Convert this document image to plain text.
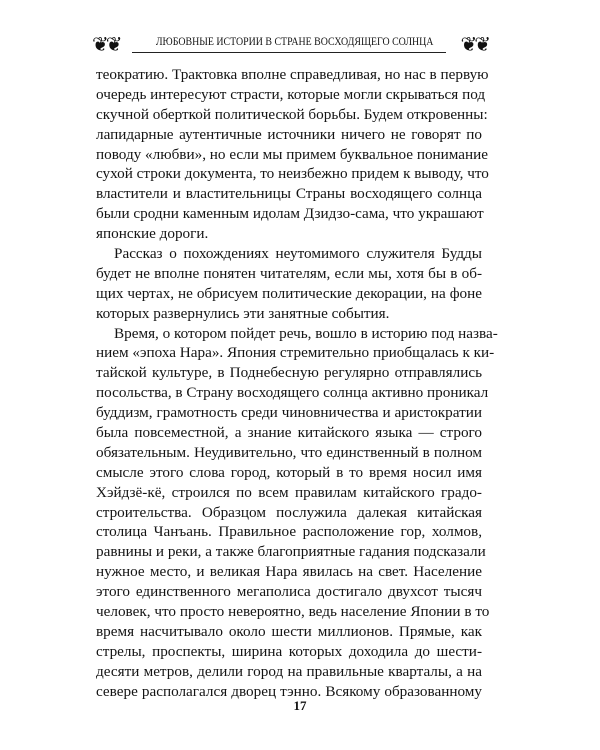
❦❦	ЛЮБОВНЫЕ ИСТОРИИ В СТРАНЕ ВОСХОДЯЩЕГО СОЛНЦА ❦❦
теократию. Трактовка вполне справедливая, но нас в первую
очередь интересуют страсти, которые могли скрываться под
скучной оберткой политической борьбы. Будем откровенны:
лапидарные аутентичные источники ничего не говорят по
поводу «любви», но если мы примем буквальное понимание
сухой строки документа, то неизбежно придем к выводу, что
властители и властительницы Страны восходящего солнца
были сродни каменным идолам Дзидзо-сама, что украшают
японские дороги.
Рассказ о похождениях неутомимого служителя Будды
будет не вполне понятен читателям, если мы, хотя бы в об-
щих чертах, не обрисуем политические декорации, на фоне
которых развернулись эти занятные события.
Время, о котором пойдет речь, вошло в историю под назва-
нием «эпоха Нара». Япония стремительно приобщалась к ки-
тайской культуре, в Поднебесную регулярно отправлялись
посольства, в Страну восходящего солнца активно проникал
буддизм, грамотность среди чиновничества и аристократии
была повсеместной, а знание китайского языка — строго
обязательным. Неудивительно, что единственный в полном
смысле этого слова город, который в то время носил имя
Хэйдзё-кё, строился по всем правилам китайского градо-
строительства. Образцом послужила далекая китайская
столица Чанъань. Правильное расположение гор, холмов,
равнины и реки, а также благоприятные гадания подсказали
нужное место, и великая Нара явилась на свет. Население
этого единственного мегаполиса достигало двухсот тысяч
человек, что просто невероятно, ведь население Японии в то
время насчитывало около шести миллионов. Прямые, как
стрелы, проспекты, ширина которых доходила до шести-
десяти метров, делили город на правильные кварталы, а на
севере располагался дворец тэнно. Всякому образованному
17
